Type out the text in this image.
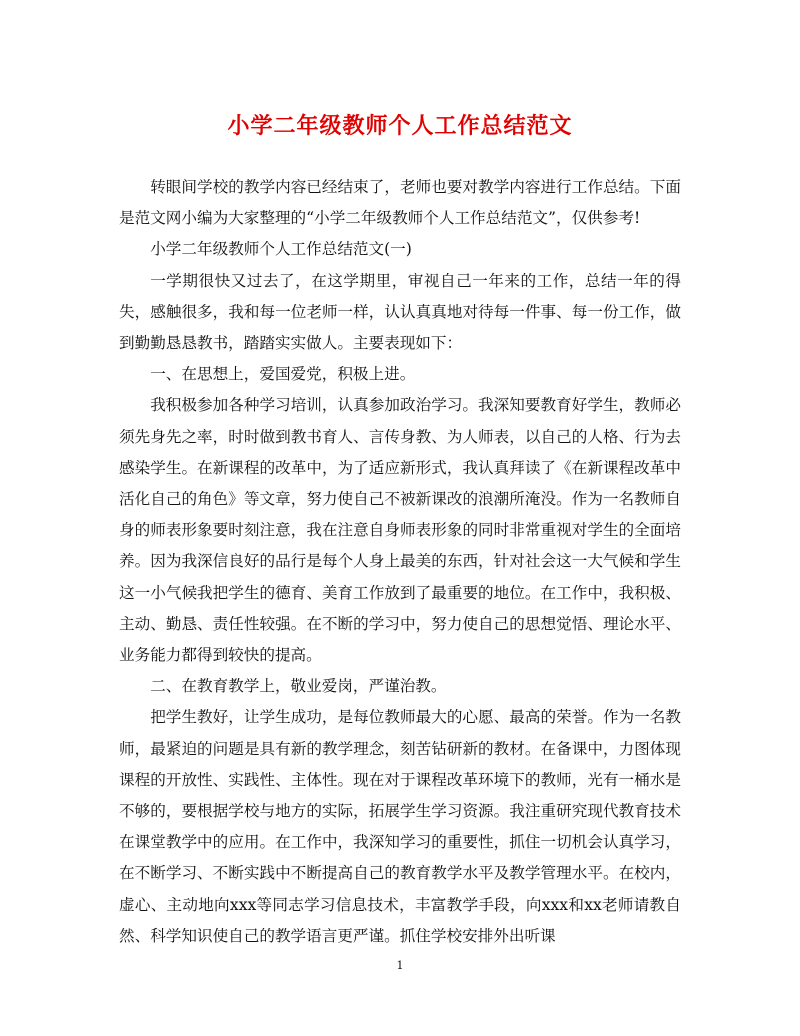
小学二年级教师个人工作总结范文

转眼间学校的教学内容已经结束了，老师也要对教学内容进行工作总结。下面是范文网小编为大家整理的“小学二年级教师个人工作总结范文”，仅供参考!

小学二年级教师个人工作总结范文(一)

一学期很快又过去了，在这学期里，审视自己一年来的工作，总结一年的得失，感触很多，我和每一位老师一样，认认真真地对待每一件事、每一份工作，做到勤勤恳恳教书，踏踏实实做人。主要表现如下：

一、在思想上，爱国爱党，积极上进。

我积极参加各种学习培训，认真参加政治学习。我深知要教育好学生，教师必须先身先之率，时时做到教书育人、言传身教、为人师表，以自己的人格、行为去感染学生。在新课程的改革中，为了适应新形式，我认真拜读了《在新课程改革中活化自己的角色》等文章，努力使自己不被新课改的浪潮所淹没。作为一名教师自身的师表形象要时刻注意，我在注意自身师表形象的同时非常重视对学生的全面培养。因为我深信良好的品行是每个人身上最美的东西，针对社会这一大气候和学生这一小气候我把学生的德育、美育工作放到了最重要的地位。在工作中，我积极、主动、勤恳、责任性较强。在不断的学习中，努力使自己的思想觉悟、理论水平、业务能力都得到较快的提高。

二、在教育教学上，敬业爱岗，严谨治教。

把学生教好，让学生成功，是每位教师最大的心愿、最高的荣誉。作为一名教师，最紧迫的问题是具有新的教学理念，刻苦钻研新的教材。在备课中，力图体现课程的开放性、实践性、主体性。现在对于课程改革环境下的教师，光有一桶水是不够的，要根据学校与地方的实际，拓展学生学习资源。我注重研究现代教育技术在课堂教学中的应用。在工作中，我深知学习的重要性，抓住一切机会认真学习，在不断学习、不断实践中不断提高自己的教育教学水平及教学管理水平。在校内，虚心、主动地向xxx等同志学习信息技术，丰富教学手段，向xxx和xx老师请教自然、科学知识使自己的教学语言更严谨。抓住学校安排外出听课

1
